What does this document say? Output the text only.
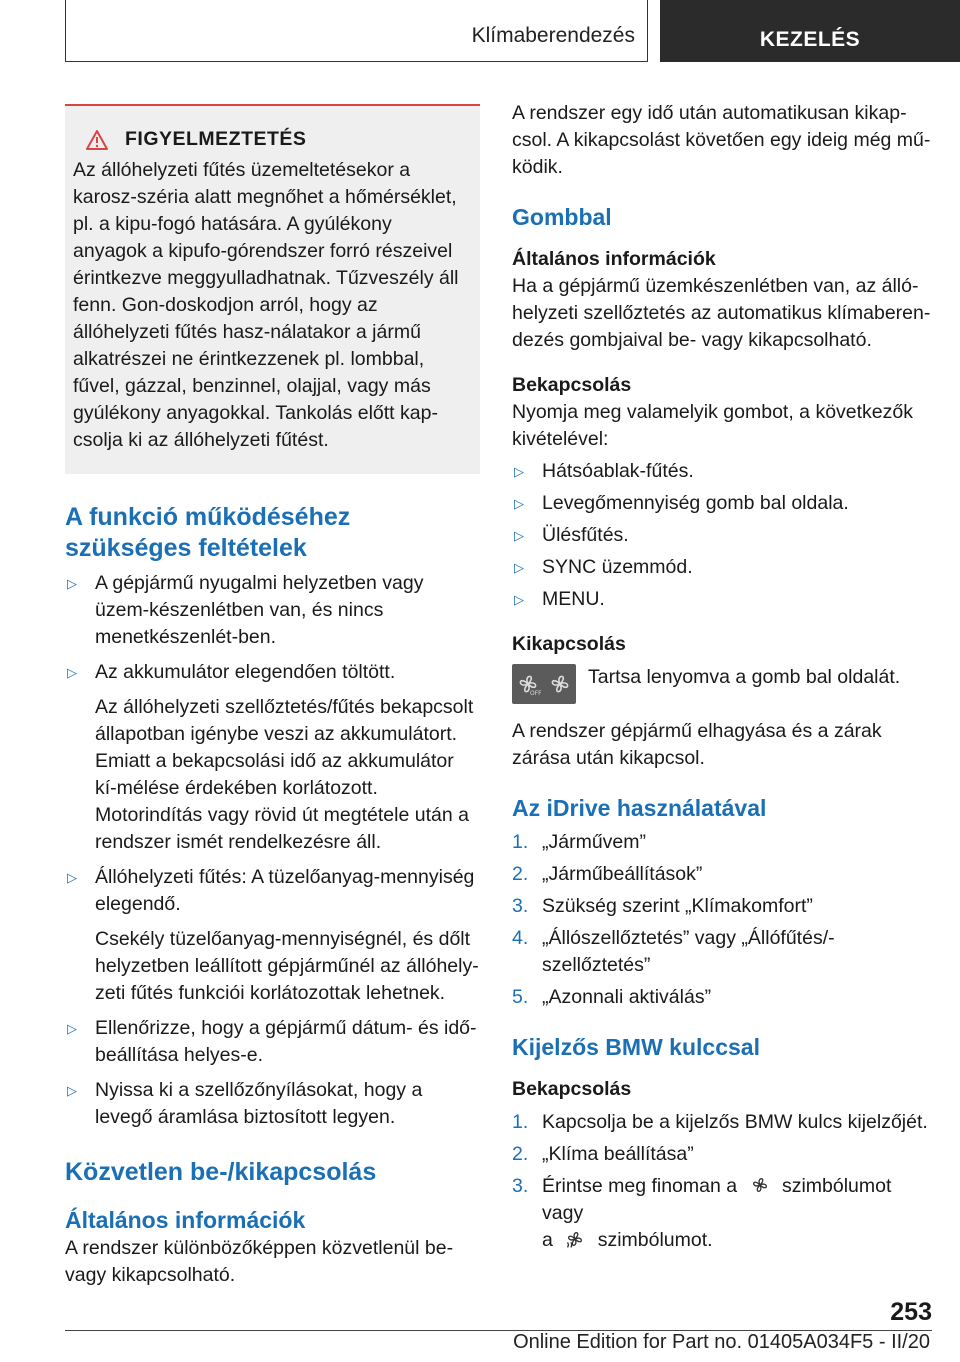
Klímaberendezés	KEZELÉS
FIGYELMEZTETÉS

Az állóhelyzeti fűtés üzemeltetésekor a karosz-széria alatt megnőhet a hőmérséklet, pl. a kipu-fogó hatására. A gyúlékony anyagok a kipufo-górendszer forró részeivel érintkezve meggyulladhatnak. Tűzveszély áll fenn. Gon-doskodjon arról, hogy az állóhelyzeti fűtés hasz-nálatakor a jármű alkatrészei ne érintkezzenek pl. lombbal, fűvel, gázzal, benzinnel, olajjal, vagy más gyúlékony anyagokkal. Tankolás előtt kap-csolja ki az állóhelyzeti fűtést.

A funkció működéséhez szükséges feltételek
▷ A gépjármű nyugalmi helyzetben vagy üzem-készenlétben van, és nincs menetkészenlét-ben.
▷ Az akkumulátor elegendően töltött.
Az állóhelyzeti szellőztetés/fűtés bekapcsolt állapotban igénybe veszi az akkumulátort. Emiatt a bekapcsolási idő az akkumulátor kí-mélése érdekében korlátozott. Motorindítás vagy rövid út megtétele után a rendszer ismét rendelkezésre áll.
▷ Állóhelyzeti fűtés: A tüzelőanyag-mennyiség elegendő.
Csekély tüzelőanyag-mennyiségnél, és dőlt helyzetben leállított gépjárműnél az állóhely-zeti fűtés funkciói korlátozottak lehetnek.
▷ Ellenőrizze, hogy a gépjármű dátum- és idő-beállítása helyes-e.
▷ Nyissa ki a szellőzőnyílásokat, hogy a levegő áramlása biztosított legyen.
Közvetlen be-/kikapcsolás
Általános információk

A rendszer különbözőképpen közvetlenül be-vagy kikapcsolható.

A rendszer egy idő után automatikusan kikap-csol. A kikapcsolást követően egy ideig még mű-ködik.

Gombbal

Általános információk

Ha a gépjármű üzemkészenlétben van, az álló-helyzeti szellőztetés az automatikus klímaberen-dezés gombjaival be- vagy kikapcsolható.

Bekapcsolás

Nyomja meg valamelyik gombot, a következők kivételével:

▷ Hátsóablak-fűtés.
▷ Levegőmennyiség gomb bal oldala.
▷ Ülésfűtés.
▷ SYNC üzemmód.
▷ MENU.

Kikapcsolás

OFF
Tartsa lenyomva a gomb bal oldalát.

A rendszer gépjármű elhagyása és a zárak zárása után kikapcsol.

Az iDrive használatával
1. „Járművem”
2. „Járműbeállítások”
3. Szükség szerint „Klímakomfort”
4. „Állószellőztetés” vagy „Állófűtés/-szellőztetés”
5. „Azonnali aktiválás”
Kijelzős BMW kulccsal

Bekapcsolás

1. Kapcsolja be a kijelzős BMW kulcs kijelzőjét.
2. „Klíma beállítása”
3. Érintse meg finoman a szimbólumot vagy
a szimbólumot.
253
Online Edition for Part no. 01405A034F5 - II/20
